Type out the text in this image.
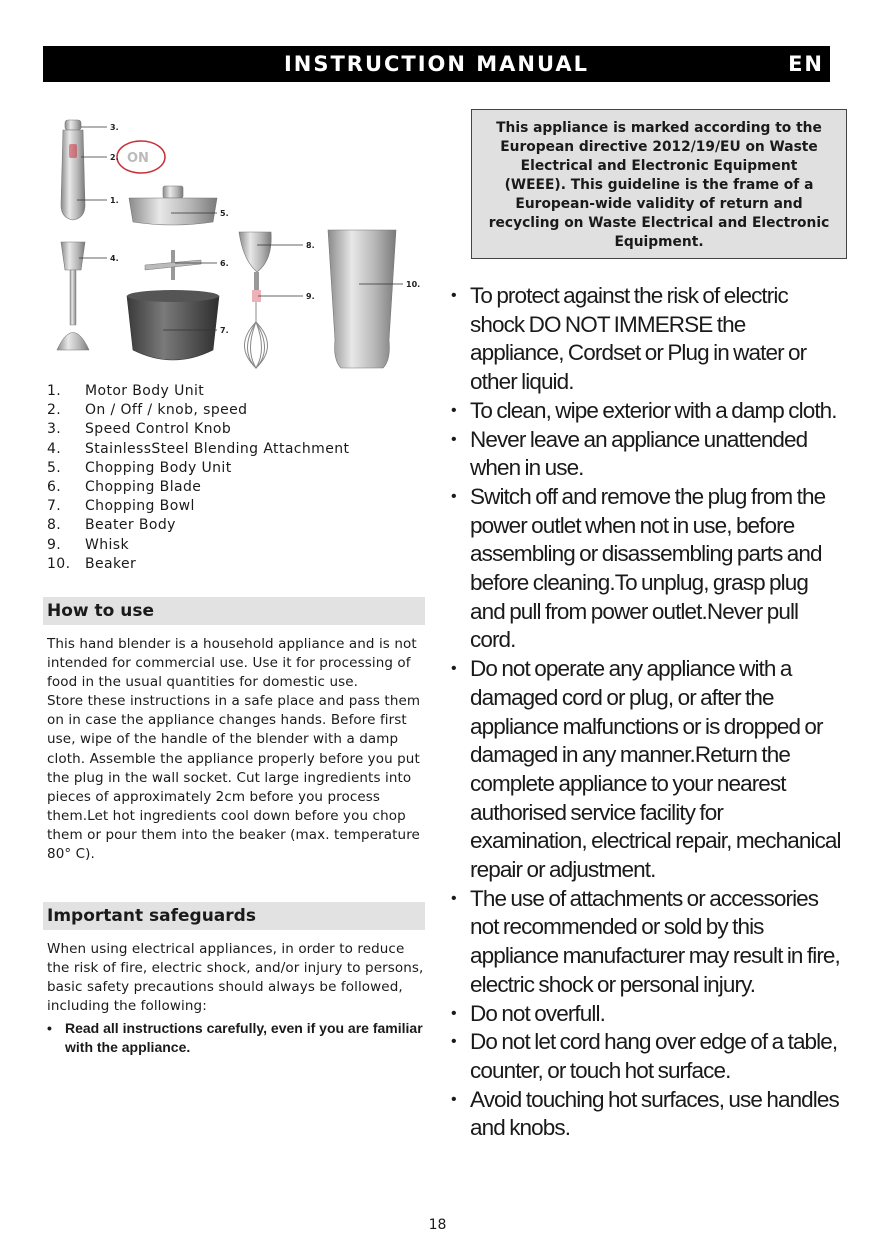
INSTRUCTION MANUAL	EN
ON
3.
2.
1.
4.
5.
6.
7.
8.
9.
10.
1.	Motor Body Unit
2.	On / Off / knob, speed
3.	Speed Control Knob
4.	StainlessSteel Blending Attachment
5.	Chopping Body Unit
6.	Chopping Blade
7.	Chopping Bowl
8.	Beater Body
9.	Whisk
10.	Beaker
How to use

This hand blender is a household appliance and is not intended for commercial use. Use it for processing of food in the usual quantities for domestic use.

Store these instructions in a safe place and pass them on in case the appliance changes hands. Before first use, wipe of the handle of the blender with a damp cloth. Assemble the appliance properly before you put the plug in the wall socket. Cut large ingredients into pieces of approximately 2cm before you process them.Let hot ingredients cool down before you chop them or pour them into the beaker (max. temperature 80° C).

Important safeguards

When using electrical appliances, in order to reduce the risk of fire, electric shock, and/or injury to persons, basic safety precautions should always be followed, including the following:

• Read all instructions carefully, even if you are familiar with the appliance.
This appliance is marked according to the European directive 2012/19/EU on Waste Electrical and Electronic Equipment (WEEE). This guideline is the frame of a European-wide validity of return and recycling on Waste Electrical and Electronic Equipment.
• To protect against the risk of electric shock DO NOT IMMERSE the appliance, Cordset or Plug in water or other liquid.
• To clean, wipe exterior with a damp cloth.
• Never leave an appliance unattended when in use.
• Switch off and remove the plug from the power outlet when not in use, before assembling or disassembling parts and before cleaning.To unplug, grasp plug and pull from power outlet.Never pull cord.
• Do not operate any appliance with a damaged cord or plug, or after the appliance malfunctions or is dropped or damaged in any manner.Return the complete appliance to your nearest authorised service facility for examination, electrical repair, mechanical repair or adjustment.
• The use of attachments or accessories not recommended or sold by this appliance manufacturer may result in fire, electric shock or personal injury.
• Do not overfull.
• Do not let cord hang over edge of a table, counter, or touch hot surface.
• Avoid touching hot surfaces, use handles and knobs.
18
